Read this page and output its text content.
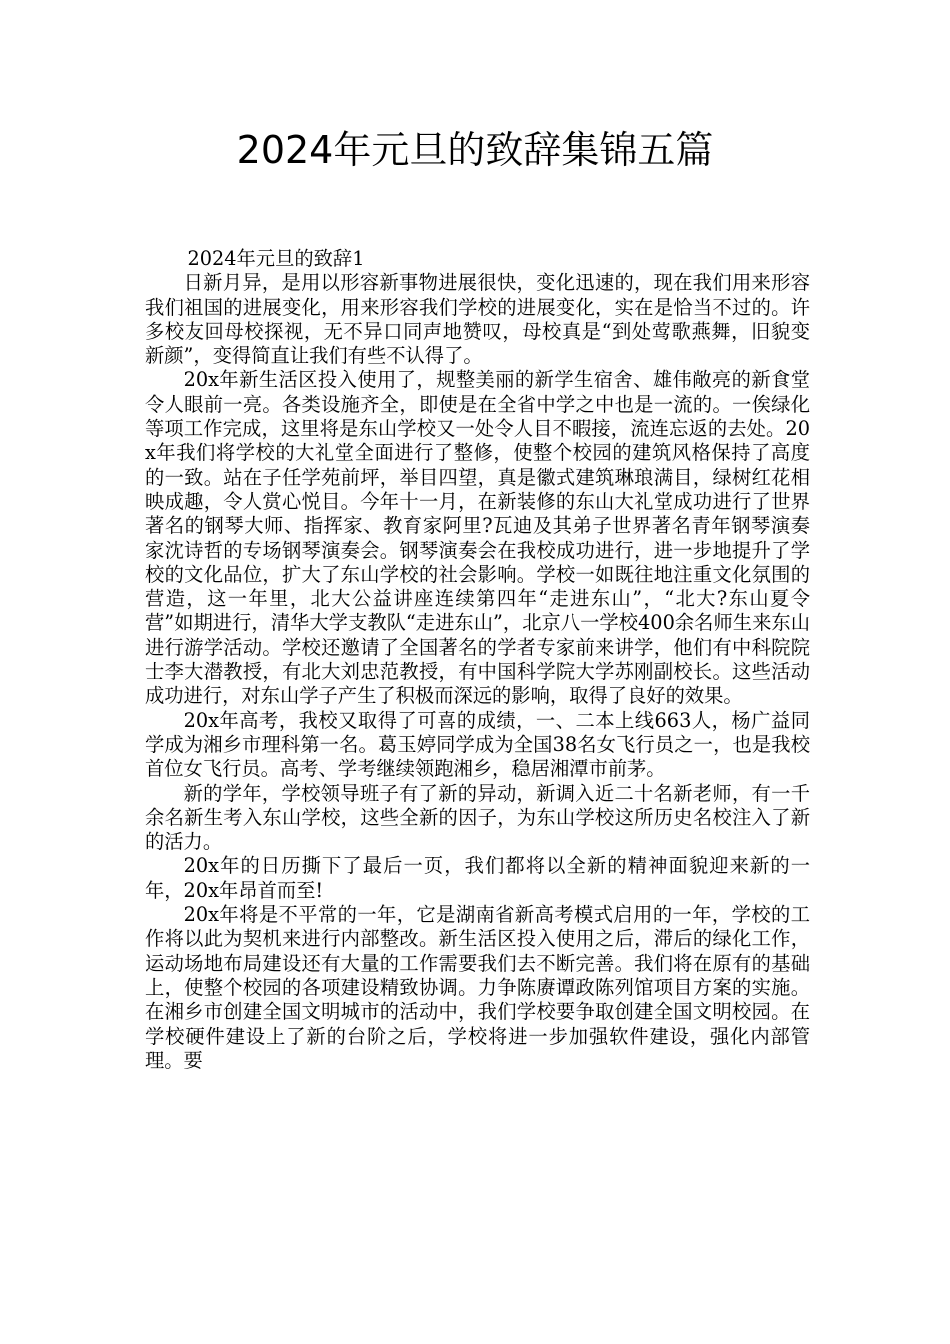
2024年元旦的致辞集锦五篇

2024年元旦的致辞1

日新月异，是用以形容新事物进展很快，变化迅速的，现在我们用来形容我们祖国的进展变化，用来形容我们学校的进展变化，实在是恰当不过的。许多校友回母校探视，无不异口同声地赞叹，母校真是“到处莺歌燕舞，旧貌变新颜”，变得简直让我们有些不认得了。

20x年新生活区投入使用了，规整美丽的新学生宿舍、雄伟敞亮的新食堂令人眼前一亮。各类设施齐全，即使是在全省中学之中也是一流的。一俟绿化等项工作完成，这里将是东山学校又一处令人目不暇接，流连忘返的去处。20x年我们将学校的大礼堂全面进行了整修，使整个校园的建筑风格保持了高度的一致。站在子任学苑前坪，举目四望，真是徽式建筑琳琅满目，绿树红花相映成趣，令人赏心悦目。今年十一月，在新装修的东山大礼堂成功进行了世界著名的钢琴大师、指挥家、教育家阿里?瓦迪及其弟子世界著名青年钢琴演奏家沈诗哲的专场钢琴演奏会。钢琴演奏会在我校成功进行，进一步地提升了学校的文化品位，扩大了东山学校的社会影响。学校一如既往地注重文化氛围的营造，这一年里，北大公益讲座连续第四年“走进东山”，“北大?东山夏令营”如期进行，清华大学支教队“走进东山”，北京八一学校400余名师生来东山进行游学活动。学校还邀请了全国著名的学者专家前来讲学，他们有中科院院士李大潜教授，有北大刘忠范教授，有中国科学院大学苏刚副校长。这些活动成功进行，对东山学子产生了积极而深远的影响，取得了良好的效果。

20x年高考，我校又取得了可喜的成绩，一、二本上线663人，杨广益同学成为湘乡市理科第一名。葛玉婷同学成为全国38名女飞行员之一，也是我校首位女飞行员。高考、学考继续领跑湘乡，稳居湘潭市前茅。

新的学年，学校领导班子有了新的异动，新调入近二十名新老师，有一千余名新生考入东山学校，这些全新的因子，为东山学校这所历史名校注入了新的活力。

20x年的日历撕下了最后一页，我们都将以全新的精神面貌迎来新的一年，20x年昂首而至!

20x年将是不平常的一年，它是湖南省新高考模式启用的一年，学校的工作将以此为契机来进行内部整改。新生活区投入使用之后，滞后的绿化工作，运动场地布局建设还有大量的工作需要我们去不断完善。我们将在原有的基础上，使整个校园的各项建设精致协调。力争陈赓谭政陈列馆项目方案的实施。在湘乡市创建全国文明城市的活动中，我们学校要争取创建全国文明校园。在学校硬件建设上了新的台阶之后，学校将进一步加强软件建设，强化内部管理。要
